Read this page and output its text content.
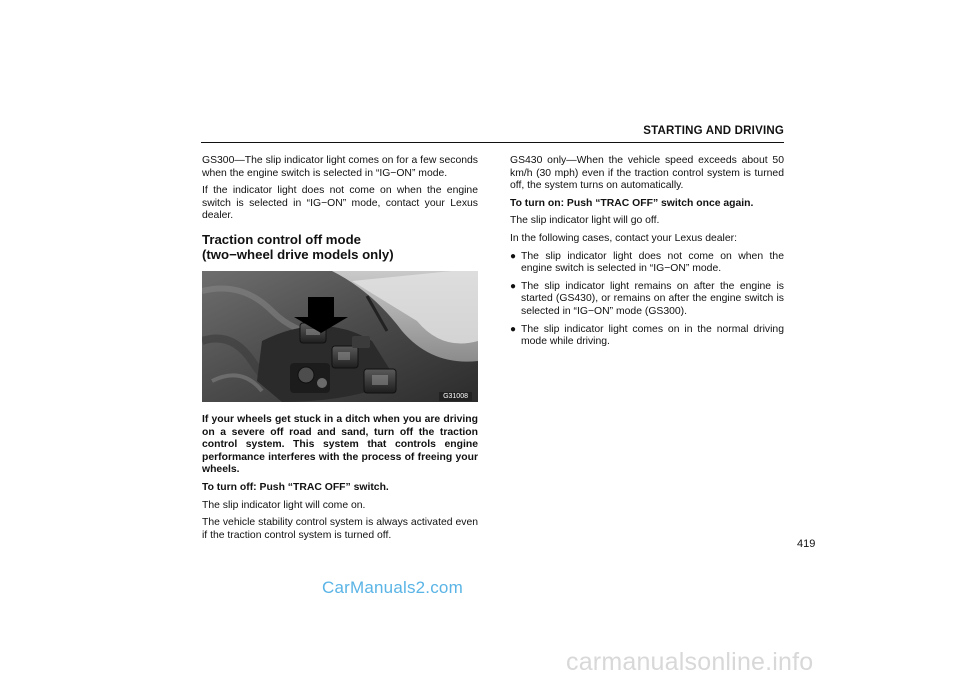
STARTING AND DRIVING

GS300—The slip indicator light comes on for a few seconds when the engine switch is selected in “IG−ON” mode.

If the indicator light does not come on when the engine switch is selected in “IG−ON” mode, contact your Lexus dealer.

Traction control off mode
(two−wheel drive models only)
G31008

If your wheels get stuck in a ditch when you are driving on a severe off road and sand, turn off the traction control system. This system that controls engine performance interferes with the process of freeing your wheels.

To turn off: Push “TRAC OFF” switch.

The slip indicator light will come on.

The vehicle stability control system is always activated even if the traction control system is turned off.

GS430 only—When the vehicle speed exceeds about 50 km/h (30 mph) even if the traction control system is turned off, the system turns on automatically.

To turn on: Push “TRAC OFF” switch once again.

The slip indicator light will go off.

In the following cases, contact your Lexus dealer:

● The slip indicator light does not come on when the engine switch is selected in “IG−ON” mode.
● The slip indicator light remains on after the engine is started (GS430), or remains on after the engine switch is selected in “IG−ON” mode (GS300).
● The slip indicator light comes on in the normal driving mode while driving.
419
CarManuals2.com
carmanualsonline.info
